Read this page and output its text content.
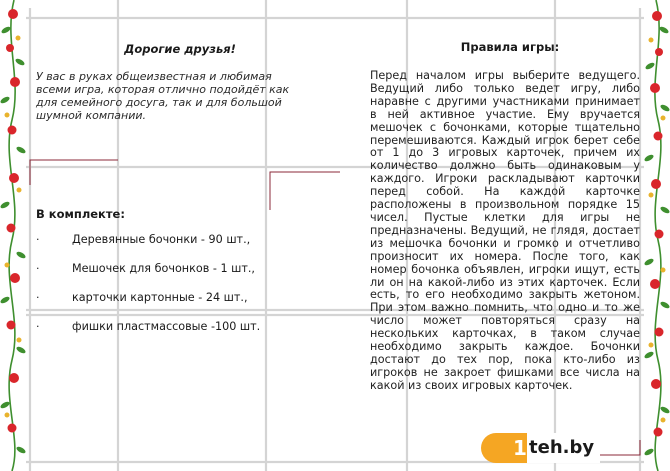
Дорогие друзья!
У вас в руках общеизвестная и любимая всеми игра, которая отлично подойдёт как для семейного досуга, так и для большой шумной компании.
В комплекте:
·	Деревянные бочонки - 90 шт.,
·	Мешочек для бочонков - 1 шт.,
·	карточки картонные - 24 шт.,
·	фишки пластмассовые -100 шт.
Правила игры:
Перед началом игры выберите ведущего. Ведущий либо только ведет игру, либо наравне с другими участниками принимает в ней активное участие. Ему вручается мешочек с бочонками, которые тщательно перемешиваются. Каждый игрок берет себе от 1 до 3 игровых карточек, причем их количество должно быть одинаковым у каждого. Игроки раскладывают карточки перед собой. На каждой карточке расположены в произвольном порядке 15 чисел. Пустые клетки для игры не предназначены. Ведущий, не глядя, достает из мешочка бочонки и громко и отчетливо произносит их номера. После того, как номер бочонка объявлен, игроки ищут, есть ли он на какой-либо из этих карточек. Если есть, то его необходимо закрыть жетоном. При этом важно помнить, что одно и то же число может повторяться сразу на нескольких карточках, в таком случае необходимо закрыть каждое. Бочонки достают до тех пор, пока кто-либо из игроков не закроет фишками все числа на какой из своих игровых карточек.
1 teh.by
